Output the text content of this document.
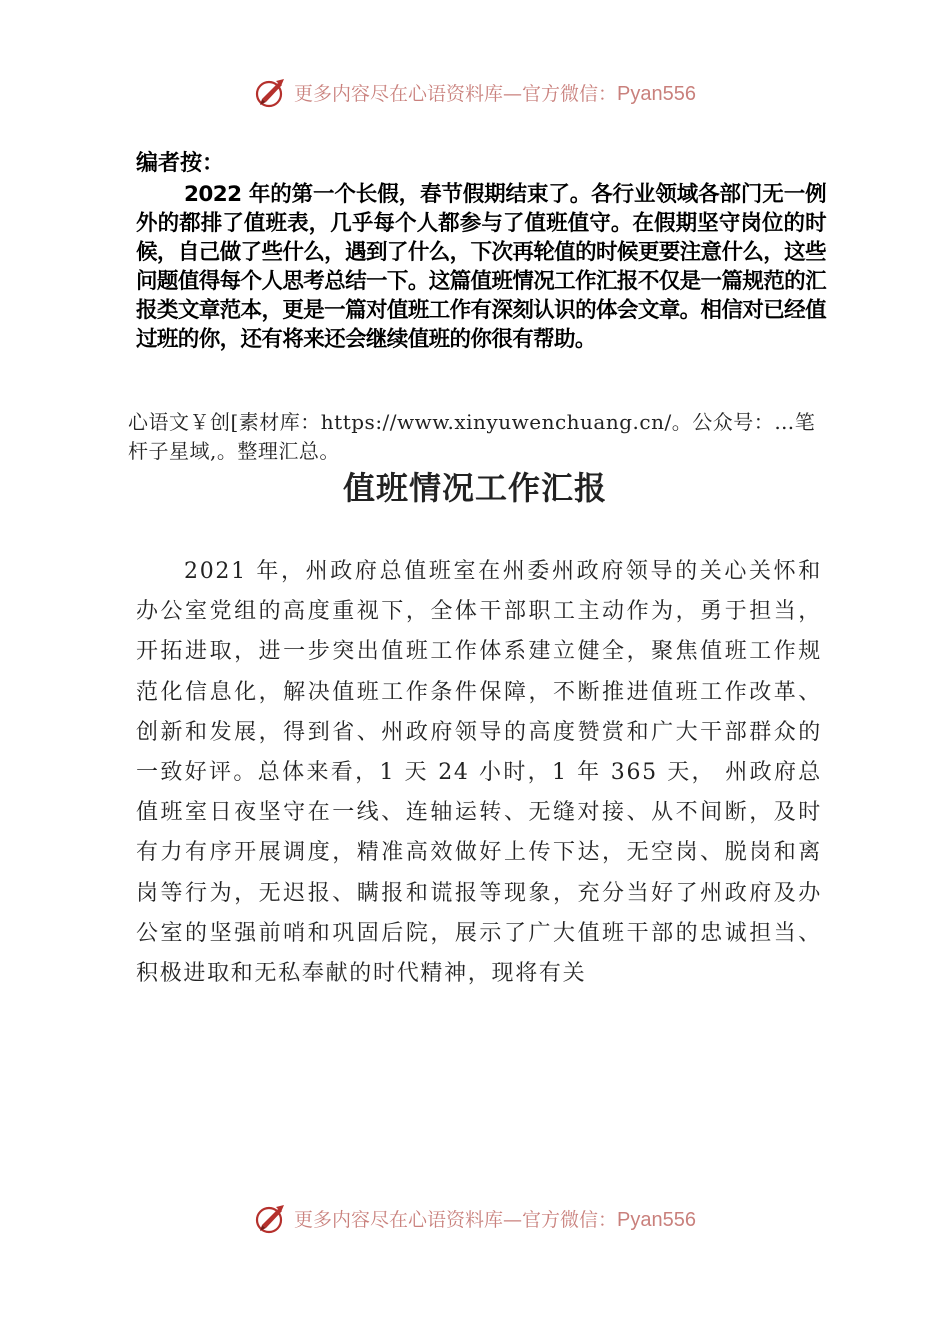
更多内容尽在心语资料库—官方微信：Pyan556

编者按：

2022 年的第一个长假，春节假期结束了。各行业领域各部门无一例外的都排了值班表，几乎每个人都参与了值班值守。在假期坚守岗位的时候，自己做了些什么，遇到了什么，下次再轮值的时候更要注意什么，这些问题值得每个人思考总结一下。这篇值班情况工作汇报不仅是一篇规范的汇报类文章范本，更是一篇对值班工作有深刻认识的体会文章。相信对已经值过班的你，还有将来还会继续值班的你很有帮助。

心语文￥创[素材库：https://www.xinyuwenchuang.cn/。公众号：…笔杆子星域,。整理汇总。

值班情况工作汇报

2021 年，州政府总值班室在州委州政府领导的关心关怀和办公室党组的高度重视下，全体干部职工主动作为，勇于担当，开拓进取，进一步突出值班工作体系建立健全，聚焦值班工作规范化信息化，解决值班工作条件保障，不断推进值班工作改革、创新和发展，得到省、州政府领导的高度赞赏和广大干部群众的一致好评。总体来看，1 天 24 小时，1 年 365 天， 州政府总值班室日夜坚守在一线、连轴运转、无缝对接、从不间断，及时有力有序开展调度，精准高效做好上传下达，无空岗、脱岗和离岗等行为，无迟报、瞒报和谎报等现象，充分当好了州政府及办公室的坚强前哨和巩固后院，展示了广大值班干部的忠诚担当、积极进取和无私奉献的时代精神，现将有关

更多内容尽在心语资料库—官方微信：Pyan556
